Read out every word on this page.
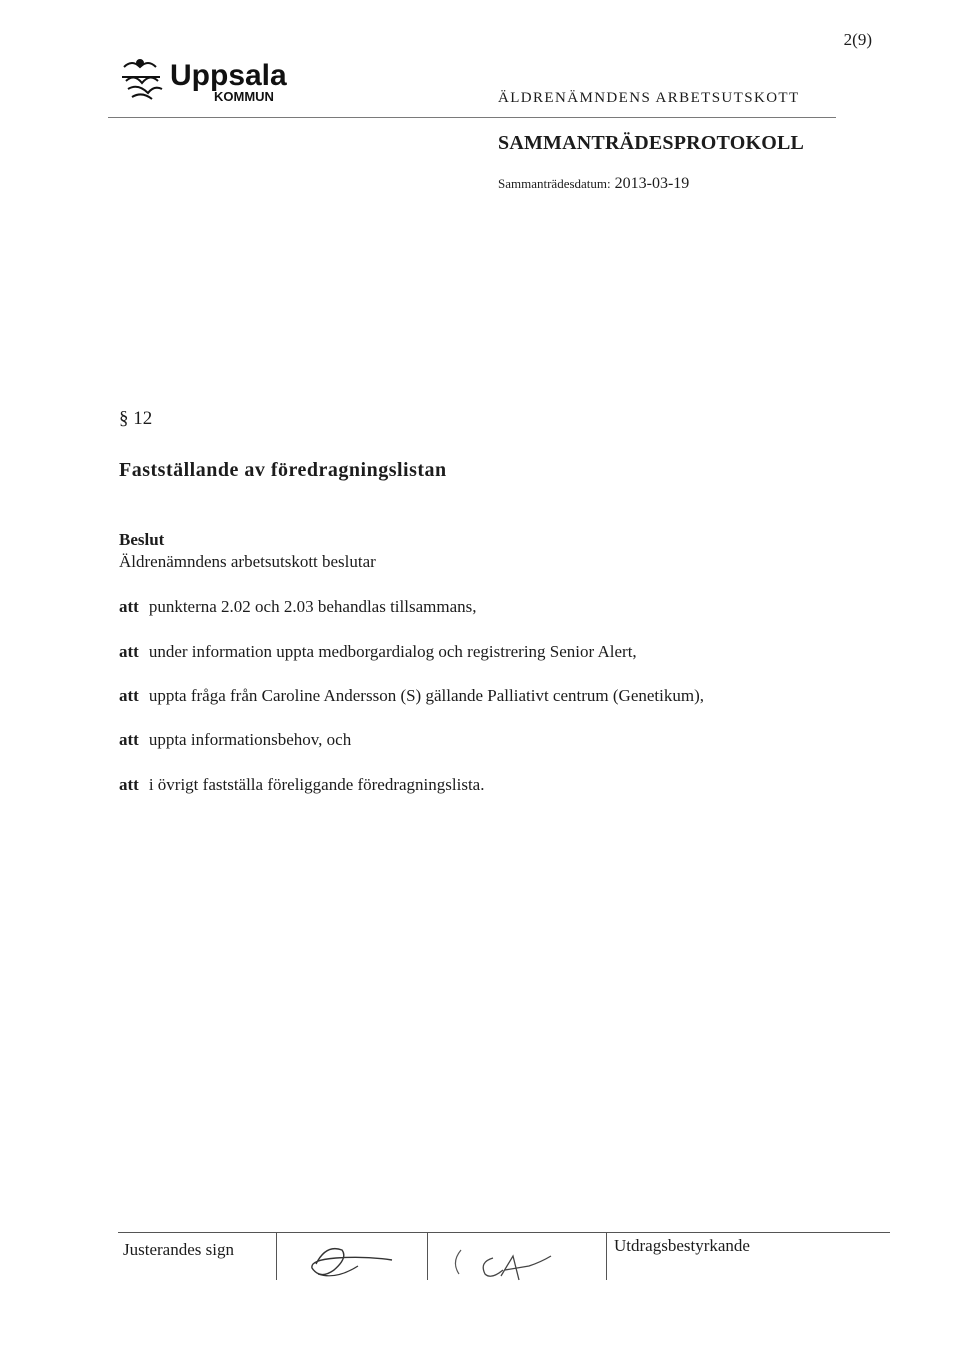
2(9)
Uppsala
KOMMUN	ÄLDRENÄMNDENS ARBETSUTSKOTT
SAMMANTRÄDESPROTOKOLL
Sammanträdesdatum: 2013-03-19
§ 12
Fastställande av föredragningslistan
Beslut
Äldrenämndens arbetsutskott beslutar
att punkterna 2.02 och 2.03 behandlas tillsammans,
att under information uppta medborgardialog och registrering Senior Alert,
att uppta fråga från Caroline Andersson (S) gällande Palliativt centrum (Genetikum),
att uppta informationsbehov, och
att i övrigt fastställa föreliggande föredragningslista.
Justerandes sign	Utdragsbestyrkande
